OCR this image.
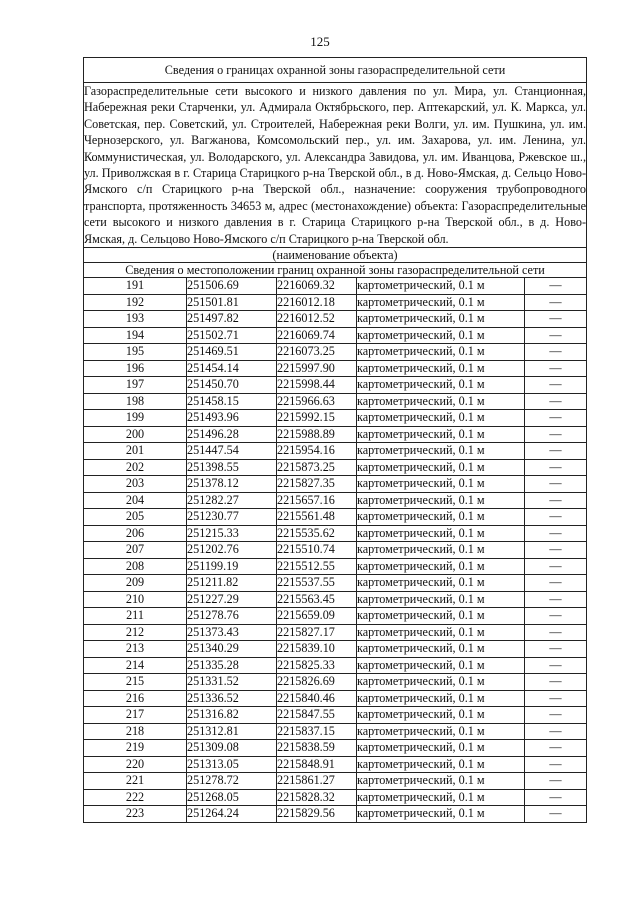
125
Сведения о границах охранной зоны газораспределительной сети				
Газораспределительные сети высокого и низкого давления по ул. Мира, ул. Станционная, Набережная реки Старченки, ул. Адмирала Октябрьского, пер. Аптекарский, ул. К. Маркса, ул. Советская, пер. Советский, ул. Строителей, Набережная реки Волги, ул. им. Пушкина, ул. им. Чернозерского, ул. Вагжанова, Комсомольский пер., ул. им. Захарова, ул. им. Ленина, ул. Коммунистическая, ул. Володарского, ул. Александра Завидова, ул. им. Иванцова, Ржевское ш., ул. Приволжская в г. Старица Старицкого р-на Тверской обл., в д. Ново-Ямская, д. Сельцо Ново-Ямского с/п Старицкого р-на Тверской обл., назначение: сооружения трубопроводного транспорта, протяженность 34653 м, адрес (местонахождение) объекта: Газораспределительные сети высокого и низкого давления в г. Старица Старицкого р-на Тверской обл., в д. Ново-Ямская, д. Сельцово Ново-Ямского с/п Старицкого р-на Тверской обл.				
(наименование объекта)				
Сведения о местоположении границ охранной зоны газораспределительной сети				
191	251506.69	2216069.32	картометрический, 0.1 м	—
192	251501.81	2216012.18	картометрический, 0.1 м	—
193	251497.82	2216012.52	картометрический, 0.1 м	—
194	251502.71	2216069.74	картометрический, 0.1 м	—
195	251469.51	2216073.25	картометрический, 0.1 м	—
196	251454.14	2215997.90	картометрический, 0.1 м	—
197	251450.70	2215998.44	картометрический, 0.1 м	—
198	251458.15	2215966.63	картометрический, 0.1 м	—
199	251493.96	2215992.15	картометрический, 0.1 м	—
200	251496.28	2215988.89	картометрический, 0.1 м	—
201	251447.54	2215954.16	картометрический, 0.1 м	—
202	251398.55	2215873.25	картометрический, 0.1 м	—
203	251378.12	2215827.35	картометрический, 0.1 м	—
204	251282.27	2215657.16	картометрический, 0.1 м	—
205	251230.77	2215561.48	картометрический, 0.1 м	—
206	251215.33	2215535.62	картометрический, 0.1 м	—
207	251202.76	2215510.74	картометрический, 0.1 м	—
208	251199.19	2215512.55	картометрический, 0.1 м	—
209	251211.82	2215537.55	картометрический, 0.1 м	—
210	251227.29	2215563.45	картометрический, 0.1 м	—
211	251278.76	2215659.09	картометрический, 0.1 м	—
212	251373.43	2215827.17	картометрический, 0.1 м	—
213	251340.29	2215839.10	картометрический, 0.1 м	—
214	251335.28	2215825.33	картометрический, 0.1 м	—
215	251331.52	2215826.69	картометрический, 0.1 м	—
216	251336.52	2215840.46	картометрический, 0.1 м	—
217	251316.82	2215847.55	картометрический, 0.1 м	—
218	251312.81	2215837.15	картометрический, 0.1 м	—
219	251309.08	2215838.59	картометрический, 0.1 м	—
220	251313.05	2215848.91	картометрический, 0.1 м	—
221	251278.72	2215861.27	картометрический, 0.1 м	—
222	251268.05	2215828.32	картометрический, 0.1 м	—
223	251264.24	2215829.56	картометрический, 0.1 м	—
